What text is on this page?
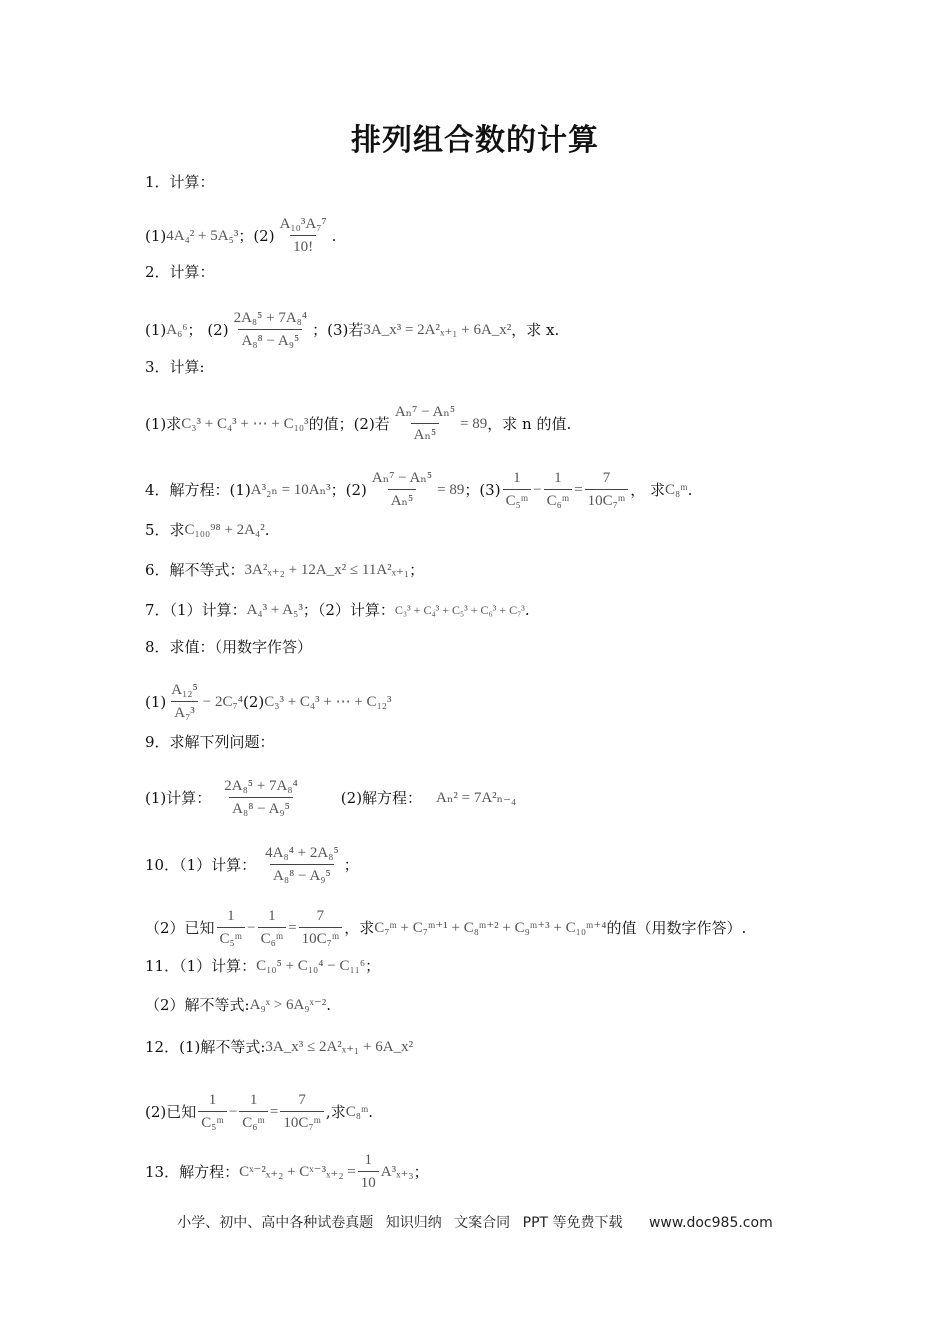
排列组合数的计算
1．计算：
(1) 4A₄² + 5A₅³ ；$(2) \frac{\text{A₁₀³A₇⁷}}{10!}$ .
2．计算：
(1) A₆⁶ ； $(2) \frac{\text{2A₈⁵ + 7A₈⁴}}{\text{A₈⁸ − A₉⁵}}$ ；(3)若 3A_x³ = 2A²ₓ₊₁ + 6A_x² ，求 x.
3．计算:
(1)求 C₃³ + C₄³ + ⋯ + C₁₀³ 的值；(2)若 $\frac{\text{Aₙ⁷ − Aₙ⁵}}{\text{Aₙ⁵}} = 89$ ，求 n 的值.
4．解方程：(1) A³₂ₙ = 10Aₙ³ ；$(2) \frac{\text{Aₙ⁷ − Aₙ⁵}}{\text{Aₙ⁵}} = 89$ ；$(3) \frac{1}{\text{C₅ᵐ}} - \frac{1}{\text{C₆ᵐ}} = \frac{7}{\text{10C₇ᵐ}}$ ， 求 C₈ᵐ .
5．求 C₁₀₀⁹⁸ + 2A₄² .
6．解不等式： 3A²ₓ₊₂ + 12A_x² ≤ 11A²ₓ₊₁ ；
7．（1）计算： A₄³ + A₅³ ；（2）计算： C₃³ + C₄³ + C₅³ + C₆³ + C₇³ .
8．求值：（用数字作答）
$(1) \frac{\text{A₁₂⁵}}{\text{A₇³}} - 2C_7^4$ (2) C₃³ + C₄³ + ⋯ + C₁₂³
9．求解下列问题：
(1)计算： $\frac{\text{2A₈⁵ + 7A₈⁴}}{\text{A₈⁸ − A₉⁵}}$	(2)解方程： Aₙ² = 7A²ₙ₋₄
10．（1）计算： $\frac{\text{4A₈⁴ + 2A₈⁵}}{\text{A₈⁸ − A₉⁵}}$ ；
（2）已知 $\frac{1}{\text{C₅ᵐ}} - \frac{1}{\text{C₆ᵐ}} = \frac{7}{\text{10C₇ᵐ}}$ ，求 C₇ᵐ + C₇ᵐ⁺¹ + C₈ᵐ⁺² + C₉ᵐ⁺³ + C₁₀ᵐ⁺⁴ 的值（用数字作答）.
11．（1）计算： C₁₀⁵ + C₁₀⁴ − C₁₁⁶ ；
（2）解不等式: A₉ˣ > 6A₉ˣ⁻² .
12．(1)解不等式: 3A_x³ ≤ 2A²ₓ₊₁ + 6A_x²
(2)已知 $\frac{1}{\text{C₅ᵐ}} - \frac{1}{\text{C₆ᵐ}} = \frac{7}{\text{10C₇ᵐ}}$ ,求 C₈ᵐ .
13．解方程： Cˣ⁻²ₓ₊₂ + Cˣ⁻³ₓ₊₂ = $\frac{1}{10} A^3_{x+3}$ ；
小学、初中、高中各种试卷真题 知识归纳 文案合同 PPT 等免费下载 www.doc985.com
